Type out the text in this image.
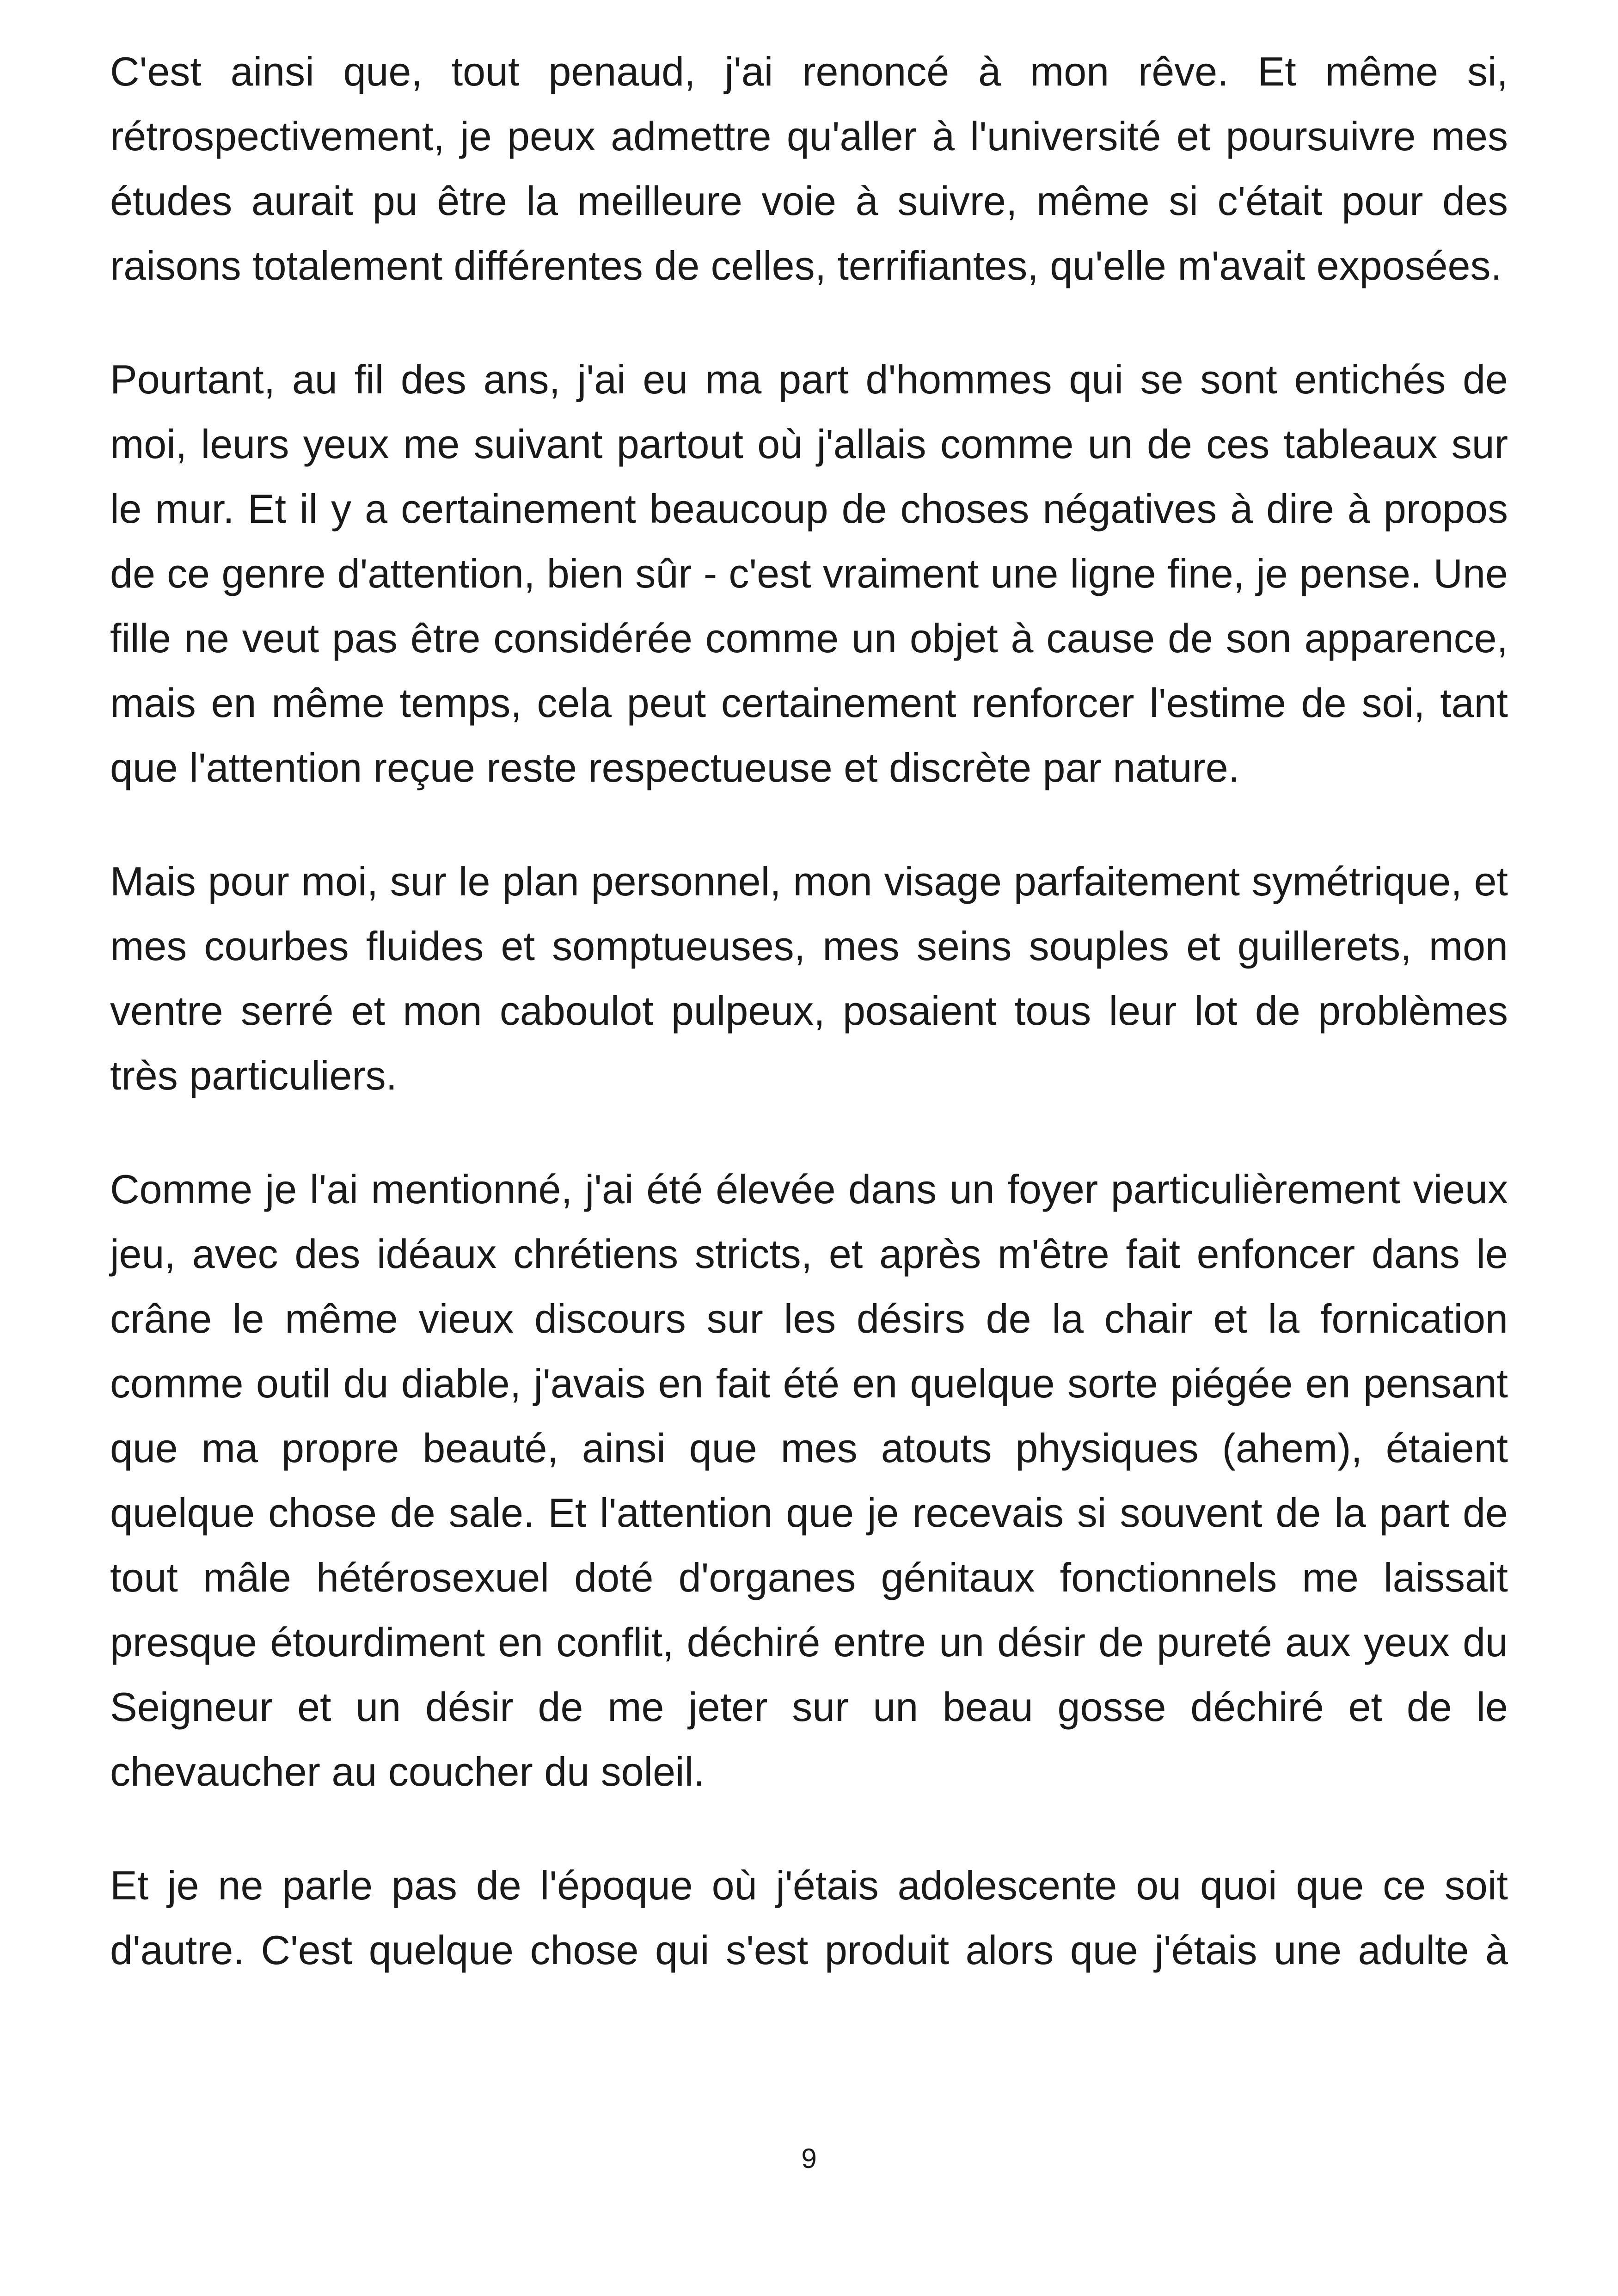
C'est ainsi que, tout penaud, j'ai renoncé à mon rêve. Et même si, rétrospectivement, je peux admettre qu'aller à l'université et poursuivre mes études aurait pu être la meilleure voie à suivre, même si c'était pour des raisons totalement différentes de celles, terrifiantes, qu'elle m'avait exposées.

Pourtant, au fil des ans, j'ai eu ma part d'hommes qui se sont entichés de moi, leurs yeux me suivant partout où j'allais comme un de ces tableaux sur le mur. Et il y a certainement beaucoup de choses négatives à dire à propos de ce genre d'attention, bien sûr - c'est vraiment une ligne fine, je pense. Une fille ne veut pas être considérée comme un objet à cause de son apparence, mais en même temps, cela peut certainement renforcer l'estime de soi, tant que l'attention reçue reste respectueuse et discrète par nature.

Mais pour moi, sur le plan personnel, mon visage parfaitement symétrique, et mes courbes fluides et somptueuses, mes seins souples et guillerets, mon ventre serré et mon caboulot pulpeux, posaient tous leur lot de problèmes très particuliers.

Comme je l'ai mentionné, j'ai été élevée dans un foyer particulièrement vieux jeu, avec des idéaux chrétiens stricts, et après m'être fait enfoncer dans le crâne le même vieux discours sur les désirs de la chair et la fornication comme outil du diable, j'avais en fait été en quelque sorte piégée en pensant que ma propre beauté, ainsi que mes atouts physiques (ahem), étaient quelque chose de sale. Et l'attention que je recevais si souvent de la part de tout mâle hétérosexuel doté d'organes génitaux fonctionnels me laissait presque étourdiment en conflit, déchiré entre un désir de pureté aux yeux du Seigneur et un désir de me jeter sur un beau gosse déchiré et de le chevaucher au coucher du soleil.

Et je ne parle pas de l'époque où j'étais adolescente ou quoi que ce soit d'autre. C'est quelque chose qui s'est produit alors que j'étais une adulte à

9
